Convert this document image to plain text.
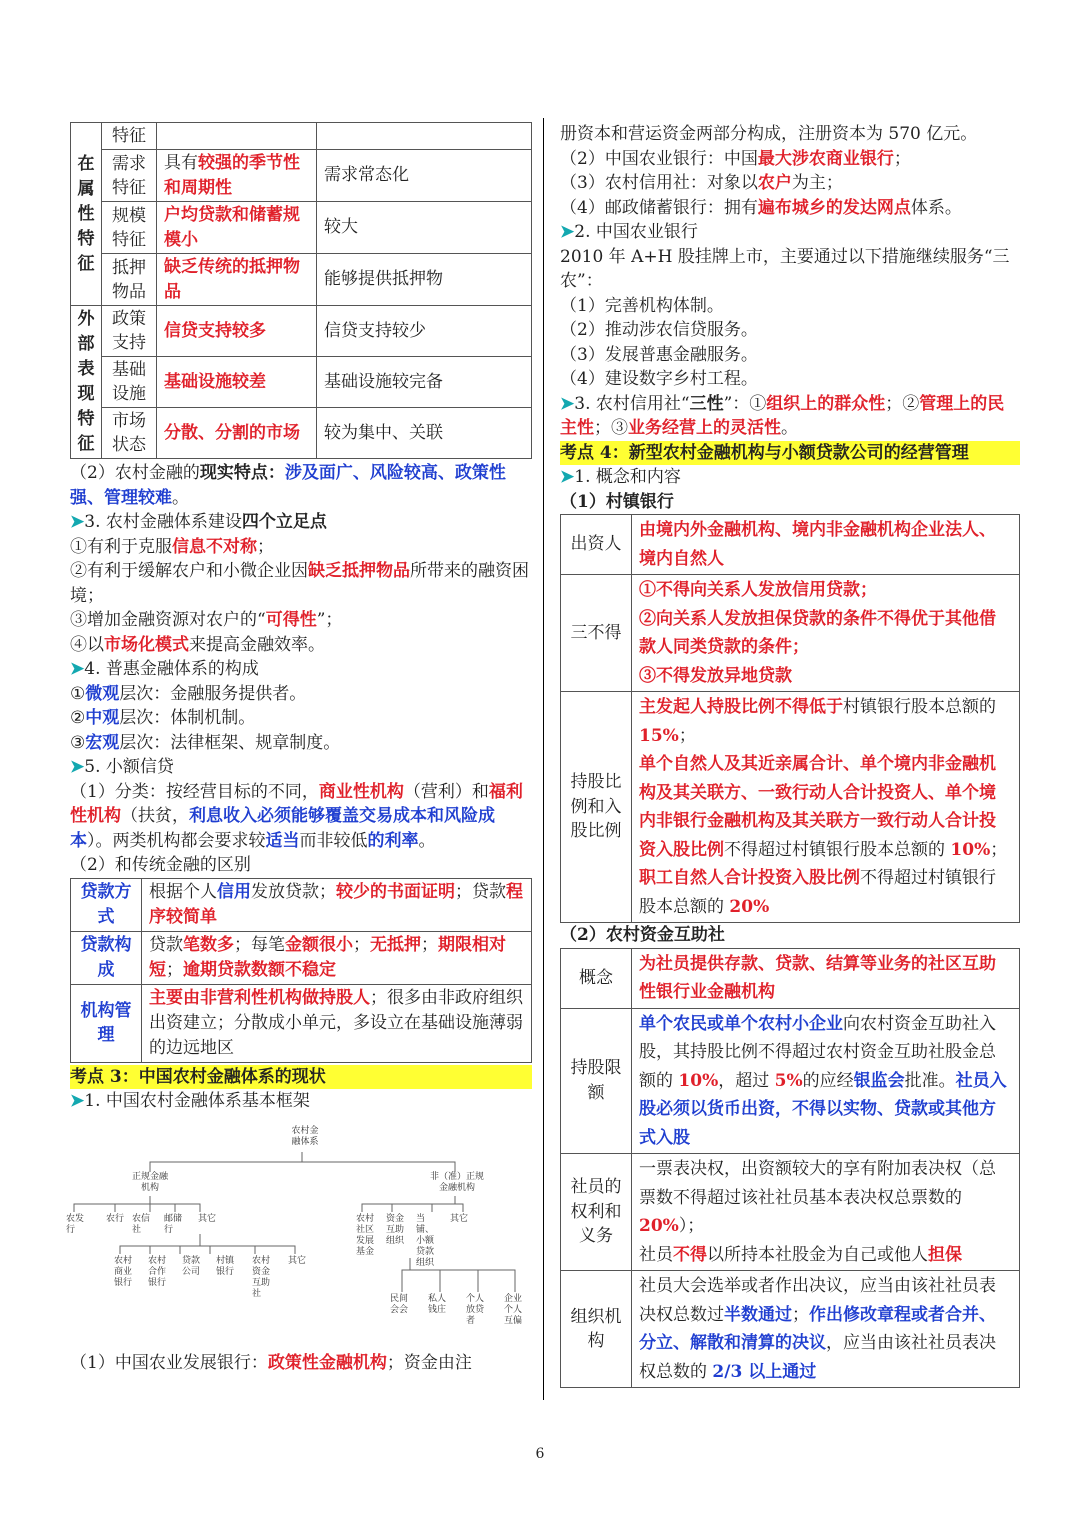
在属性特征	特征		
	需求特征	具有较强的季节性和周期性	需求常态化
	规模特征	户均贷款和储蓄规模小	较大
	抵押物品	缺乏传统的抵押物品	能够提供抵押物
外部表现特征	政策支持	信贷支持较多	信贷支持较少
	基础设施	基础设施较差	基础设施较完备
	市场状态	分散、分割的市场	较为集中、关联

（2）农村金融的现实特点：涉及面广、风险较高、政策性强、管理较难。

➤3. 农村金融体系建设四个立足点

①有利于克服信息不对称；

②有利于缓解农户和小微企业因缺乏抵押物品所带来的融资困境；

③增加金融资源对农户的“可得性”；

④以市场化模式来提高金融效率。

➤4. 普惠金融体系的构成

①微观层次：金融服务提供者。

②中观层次：体制机制。

③宏观层次：法律框架、规章制度。

➤5. 小额信贷

（1）分类：按经营目标的不同，商业性机构（营利）和福利性机构（扶贫，利息收入必须能够覆盖交易成本和风险成本）。两类机构都会要求较适当而非较低的利率。

（2）和传统金融的区别

贷款方式	根据个人信用发放贷款；较少的书面证明；贷款程序较简单
贷款构成	贷款笔数多；每笔金额很小；无抵押；期限相对短；逾期贷款数额不稳定
机构管理	主要由非营利性机构做持股人；很多由非政府组织出资建立；分散成小单元，多设立在基础设施薄弱的边远地区

考点 3：中国农村金融体系的现状

➤1. 中国农村金融体系基本框架

农村金融体系
正规金融机构
非（准）正规金融机构
农发行
农行 农信社
邮储行
其它
农村商业银行
农村合作银行
贷款公司
村镇银行
农村资金互助社
其它
农村社区发展基金
资金互助组织
当铺、小额贷款组织
其它
民间会会
私人钱庄
个人放贷者
企业个人互偏

（1）中国农业发展银行：政策性金融机构；资金由注

册资本和营运资金两部分构成，注册资本为 570 亿元。

（2）中国农业银行：中国最大涉农商业银行；

（3）农村信用社：对象以农户为主；

（4）邮政储蓄银行：拥有遍布城乡的发达网点体系。

➤2. 中国农业银行

2010 年 A+H 股挂牌上市，主要通过以下措施继续服务“三农”：

（1）完善机构体制。

（2）推动涉农信贷服务。

（3）发展普惠金融服务。

（4）建设数字乡村工程。

➤3. 农村信用社“三性”：①组织上的群众性；②管理上的民主性；③业务经营上的灵活性。

考点 4：新型农村金融机构与小额贷款公司的经营管理

➤1. 概念和内容

（1）村镇银行

出资人	由境内外金融机构、境内非金融机构企业法人、境内自然人
三不得	①不得向关系人发放信用贷款；
②向关系人发放担保贷款的条件不得优于其他借款人同类贷款的条件；
③不得发放异地贷款

持股比例和入股比例	主发起人持股比例不得低于村镇银行股本总额的 15%；
单个自然人及其近亲属合计、单个境内非金融机构及其关联方、一致行动人合计投资人、单个境内非银行金融机构及其关联方一致行动人合计投资入股比例不得超过村镇银行股本总额的 10%；
职工自然人合计投资入股比例不得超过村镇银行股本总额的 20%

（2）农村资金互助社

概念	为社员提供存款、贷款、结算等业务的社区互助性银行业金融机构
持股限额	单个农民或单个农村小企业向农村资金互助社入股，其持股比例不得超过农村资金互助社股金总额的 10%，超过 5%的应经银监会批准。社员入股必须以货币出资，不得以实物、贷款或其他方式入股
社员的权利和义务	一票表决权，出资额较大的享有附加表决权（总票数不得超过该社社员基本表决权总票数的 20%）；
社员不得以所持本社股金为自己或他人担保
组织机构	社员大会选举或者作出决议，应当由该社社员表决权总数过半数通过；作出修改章程或者合并、分立、解散和清算的决议，应当由该社社员表决权总数的 2/3 以上通过
6
